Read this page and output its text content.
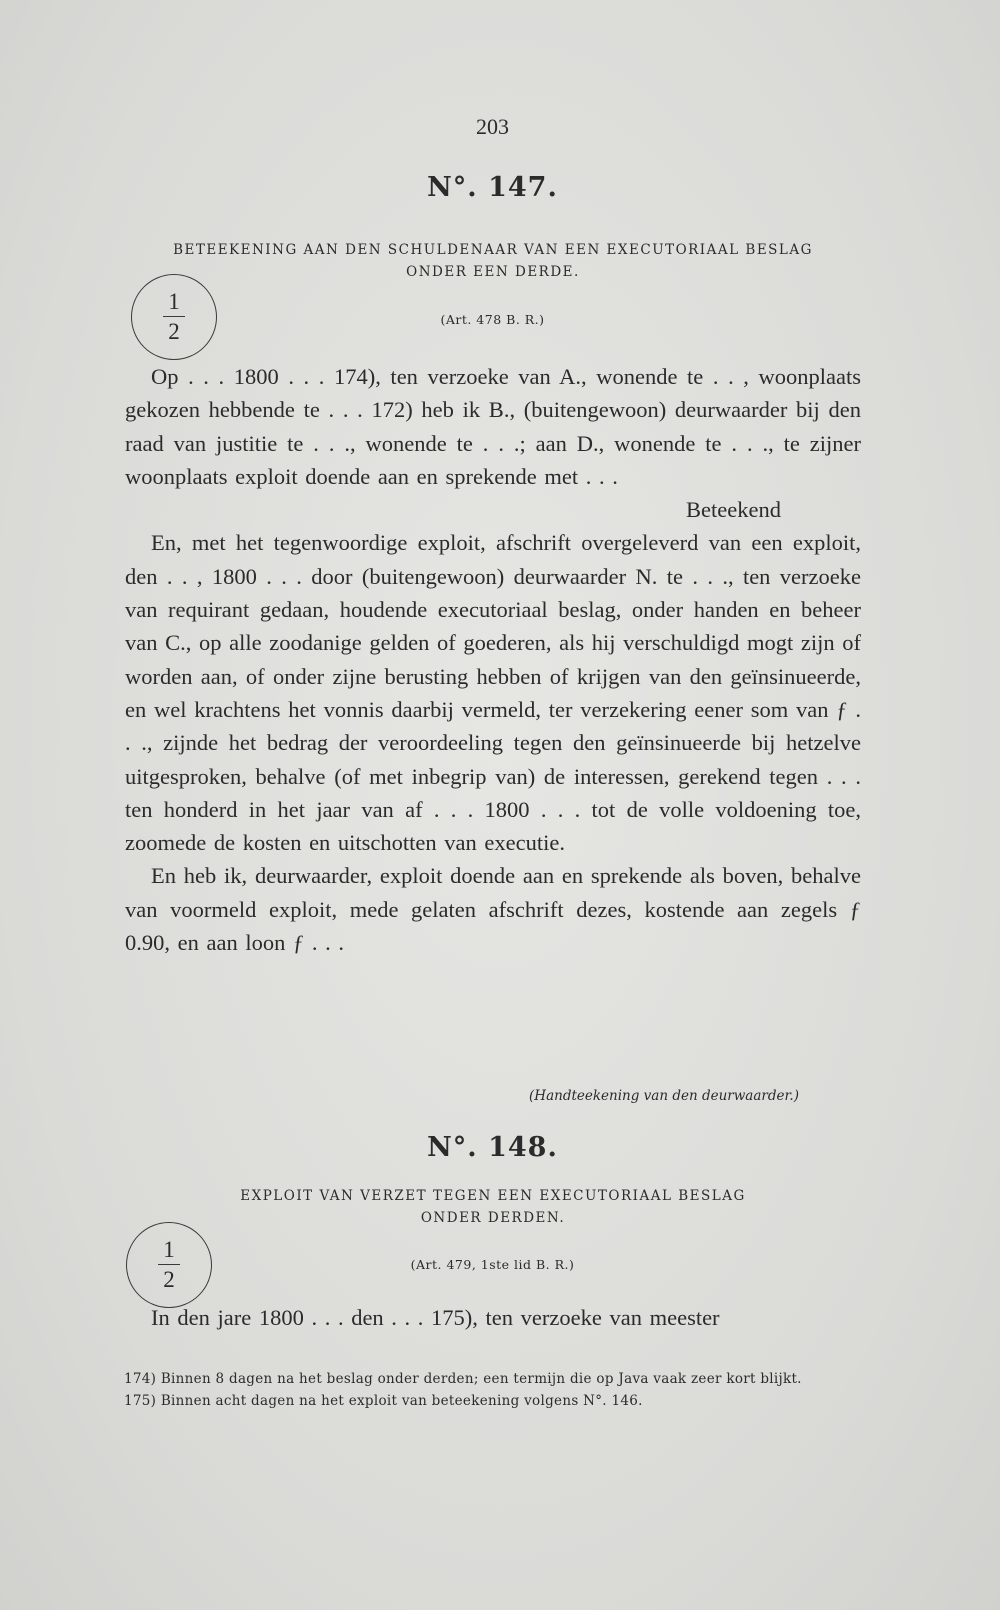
203
N°. 147.
BETEEKENING AAN DEN SCHULDENAAR VAN EEN EXECUTORIAAL BESLAG
ONDER EEN DERDE.
1
2	(Art. 478 B. R.)

Op . . . 1800 . . . 174), ten verzoeke van A., wonende te . . , woonplaats gekozen hebbende te . . . 172) heb ik B., (buitengewoon) deurwaarder bij den raad van justitie te . . ., wonende te . . .; aan D., wonende te . . ., te zijner woonplaats exploit doende aan en sprekende met . . .

Beteekend

En, met het tegenwoordige exploit, afschrift overgeleverd van een exploit, den . . , 1800 . . . door (buitengewoon) deurwaarder N. te . . ., ten verzoeke van requirant gedaan, houdende executoriaal beslag, onder handen en beheer van C., op alle zoodanige gelden of goederen, als hij verschuldigd mogt zijn of worden aan, of onder zijne berusting hebben of krijgen van den geïnsinueerde, en wel krachtens het vonnis daarbij vermeld, ter verzekering eener som van ƒ . . ., zijnde het bedrag der veroordeeling tegen den geïnsinueerde bij hetzelve uitgesproken, behalve (of met inbegrip van) de interessen, gerekend tegen . . . ten honderd in het jaar van af . . . 1800 . . . tot de volle voldoening toe, zoomede de kosten en uitschotten van executie.

En heb ik, deurwaarder, exploit doende aan en sprekende als boven, behalve van voormeld exploit, mede gelaten afschrift dezes, kostende aan zegels ƒ 0.90, en aan loon ƒ . . .

(Handteekening van den deurwaarder.)
N°. 148.
EXPLOIT VAN VERZET TEGEN EEN EXECUTORIAAL BESLAG
ONDER DERDEN.
1
2
(Art. 479, 1ste lid B. R.)

In den jare 1800 . . . den . . . 175), ten verzoeke van meester

174) Binnen 8 dagen na het beslag onder derden; een termijn die op Java vaak zeer kort blijkt.
175) Binnen acht dagen na het exploit van beteekening volgens N°. 146.
